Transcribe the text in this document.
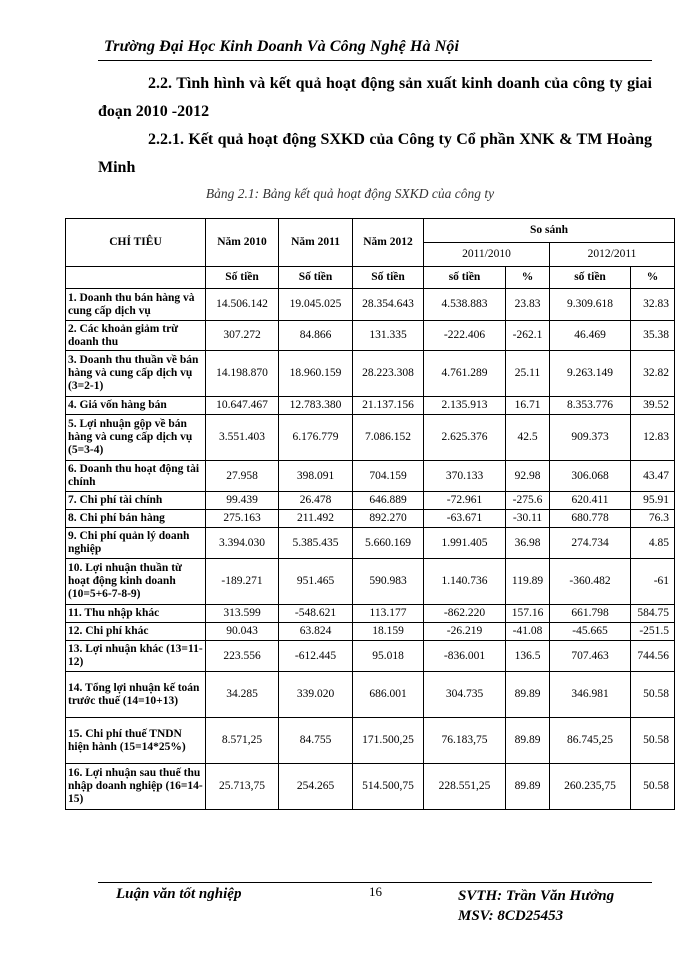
Trường Đại Học Kinh Doanh Và Công Nghệ Hà Nội
2.2. Tình hình và kết quả hoạt động sản xuất kinh doanh của công ty giai đoạn 2010 -2012
2.2.1. Kết quả hoạt động SXKD của Công ty Cổ phần XNK & TM Hoàng Minh
Bảng 2.1: Bảng kết quả hoạt động SXKD của công ty
CHỈ TIÊU	Năm 2010	Năm 2011	Năm 2012	So sánh			
				2011/2010		2012/2011	
	Số tiền	Số tiền	Số tiền	số tiền	%	số tiền	%
1. Doanh thu bán hàng và cung cấp dịch vụ	14.506.142	19.045.025	28.354.643	4.538.883	23.83	9.309.618	32.83
2. Các khoản giảm trừ doanh thu	307.272	84.866	131.335	-222.406	-262.1	46.469	35.38
3. Doanh thu thuần về bán hàng và cung cấp dịch vụ (3=2-1)	14.198.870	18.960.159	28.223.308	4.761.289	25.11	9.263.149	32.82
4. Giá vốn hàng bán	10.647.467	12.783.380	21.137.156	2.135.913	16.71	8.353.776	39.52
5. Lợi nhuận gộp về bán hàng và cung cấp dịch vụ (5=3-4)	3.551.403	6.176.779	7.086.152	2.625.376	42.5	909.373	12.83
6. Doanh thu hoạt động tài chính	27.958	398.091	704.159	370.133	92.98	306.068	43.47
7. Chi phí tài chính	99.439	26.478	646.889	-72.961	-275.6	620.411	95.91
8. Chi phí bán hàng	275.163	211.492	892.270	-63.671	-30.11	680.778	76.3
9. Chi phí quản lý doanh nghiệp	3.394.030	5.385.435	5.660.169	1.991.405	36.98	274.734	4.85
10. Lợi nhuận thuần từ hoạt động kinh doanh (10=5+6-7-8-9)	-189.271	951.465	590.983	1.140.736	119.89	-360.482	-61
11. Thu nhập khác	313.599	-548.621	113.177	-862.220	157.16	661.798	584.75
12. Chi phí khác	90.043	63.824	18.159	-26.219	-41.08	-45.665	-251.5
13. Lợi nhuận khác (13=11-12)	223.556	-612.445	95.018	-836.001	136.5	707.463	744.56
14. Tổng lợi nhuận kế toán trước thuế (14=10+13)	34.285	339.020	686.001	304.735	89.89	346.981	50.58
15. Chi phí thuế TNDN hiện hành (15=14*25%)	8.571,25	84.755	171.500,25	76.183,75	89.89	86.745,25	50.58
16. Lợi nhuận sau thuế thu nhập doanh nghiệp (16=14-15)	25.713,75	254.265	514.500,75	228.551,25	89.89	260.235,75	50.58
Luận văn tốt nghiệp	16	SVTH: Trần Văn Hưởng
MSV: 8CD25453
